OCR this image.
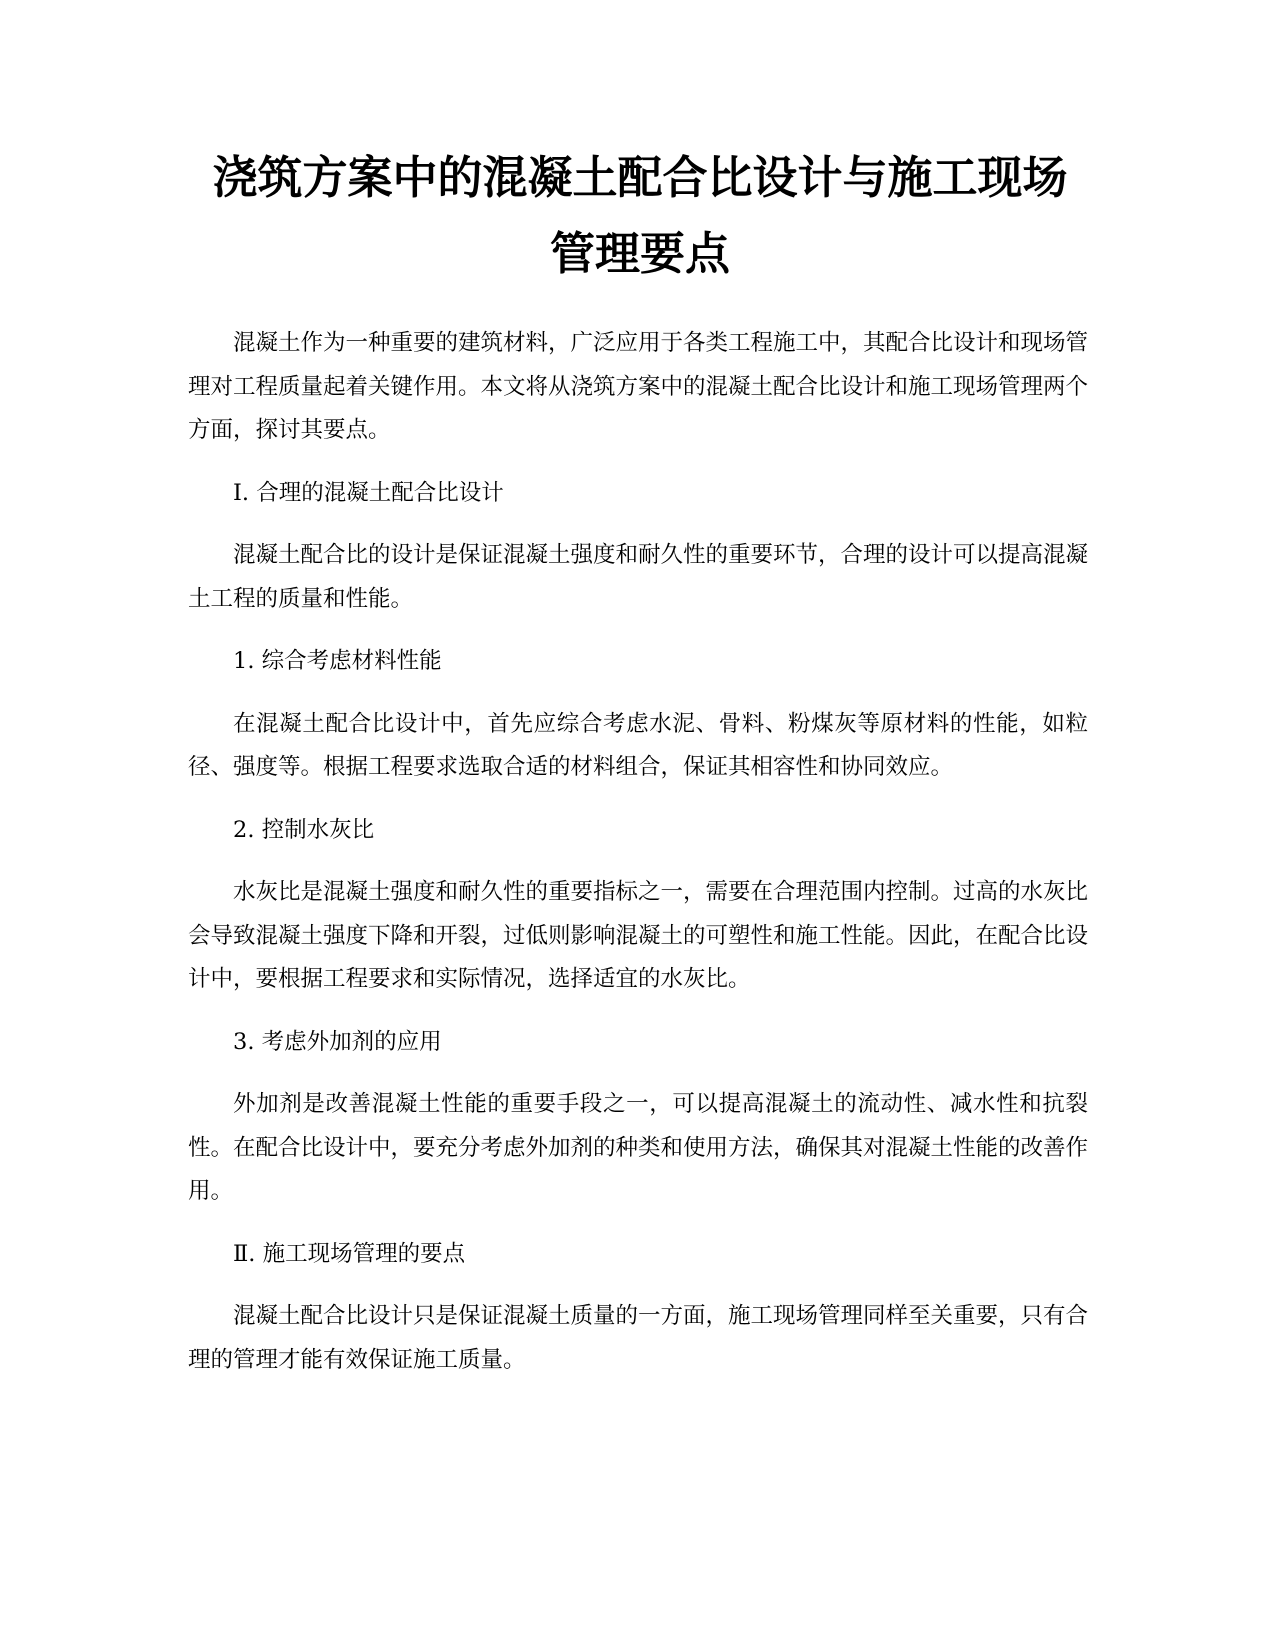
浇筑方案中的混凝土配合比设计与施工现场
管理要点

混凝土作为一种重要的建筑材料，广泛应用于各类工程施工中，其配合比设计和现场管理对工程质量起着关键作用。本文将从浇筑方案中的混凝土配合比设计和施工现场管理两个方面，探讨其要点。

I. 合理的混凝土配合比设计

混凝土配合比的设计是保证混凝土强度和耐久性的重要环节，合理的设计可以提高混凝土工程的质量和性能。

1. 综合考虑材料性能

在混凝土配合比设计中，首先应综合考虑水泥、骨料、粉煤灰等原材料的性能，如粒径、强度等。根据工程要求选取合适的材料组合，保证其相容性和协同效应。

2. 控制水灰比

水灰比是混凝土强度和耐久性的重要指标之一，需要在合理范围内控制。过高的水灰比会导致混凝土强度下降和开裂，过低则影响混凝土的可塑性和施工性能。因此，在配合比设计中，要根据工程要求和实际情况，选择适宜的水灰比。

3. 考虑外加剂的应用

外加剂是改善混凝土性能的重要手段之一，可以提高混凝土的流动性、减水性和抗裂性。在配合比设计中，要充分考虑外加剂的种类和使用方法，确保其对混凝土性能的改善作用。

Ⅱ. 施工现场管理的要点

混凝土配合比设计只是保证混凝土质量的一方面，施工现场管理同样至关重要，只有合理的管理才能有效保证施工质量。
